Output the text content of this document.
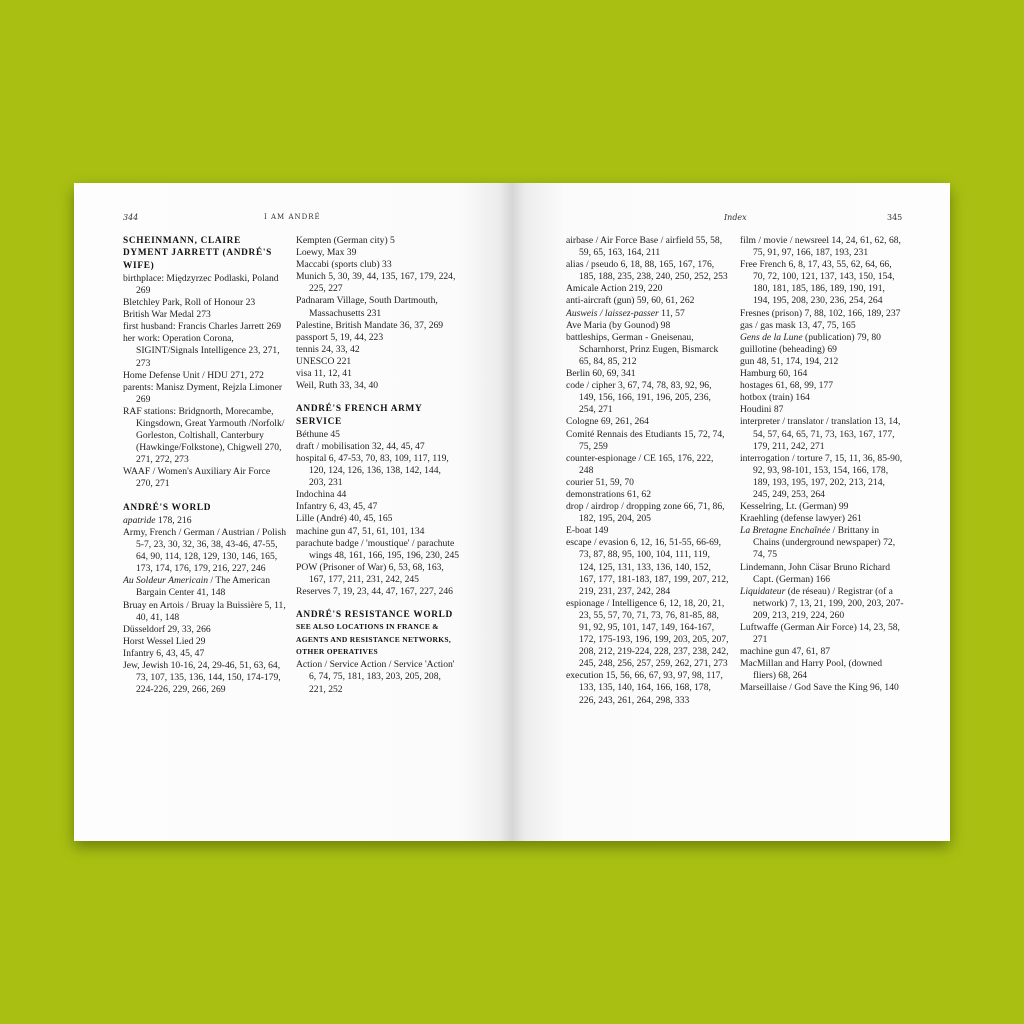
344	I AM ANDRÉ
SCHEINMANN, CLAIRE DYMENT JARRETT (ANDRÉ'S WIFE)
birthplace: Międzyrzec Podlaski, Poland 269
Bletchley Park, Roll of Honour 23
British War Medal 273
first husband: Francis Charles Jarrett 269
her work: Operation Corona, SIGINT/Signals Intelligence 23, 271, 273
Home Defense Unit / HDU 271, 272
parents: Manisz Dyment, Rejzla Limoner 269
RAF stations: Bridgnorth, Morecambe, Kingsdown, Great Yarmouth /Norfolk/ Gorleston, Coltishall, Canterbury (Hawkinge/Folkstone), Chigwell 270, 271, 272, 273
WAAF / Women's Auxiliary Air Force 270, 271
ANDRÉ'S WORLD
apatride 178, 216
Army, French / German / Austrian / Polish 5-7, 23, 30, 32, 36, 38, 43-46, 47-55, 64, 90, 114, 128, 129, 130, 146, 165, 173, 174, 176, 179, 216, 227, 246
Au Soldeur Americain / The American Bargain Center 41, 148
Bruay en Artois / Bruay la Buissière 5, 11, 40, 41, 148
Düsseldorf 29, 33, 266
Horst Wessel Lied 29
Infantry 6, 43, 45, 47
Jew, Jewish 10-16, 24, 29-46, 51, 63, 64, 73, 107, 135, 136, 144, 150, 174-179, 224-226, 229, 266, 269
Kempten (German city) 5
Loewy, Max 39
Maccabi (sports club) 33
Munich 5, 30, 39, 44, 135, 167, 179, 224, 225, 227
Padnaram Village, South Dartmouth, Massachusetts 231
Palestine, British Mandate 36, 37, 269
passport 5, 19, 44, 223
tennis 24, 33, 42
UNESCO 221
visa 11, 12, 41
Weil, Ruth 33, 34, 40
ANDRÉ'S FRENCH ARMY SERVICE
Béthune 45
draft / mobilisation 32, 44, 45, 47
hospital 6, 47-53, 70, 83, 109, 117, 119, 120, 124, 126, 136, 138, 142, 144, 203, 231
Indochina 44
Infantry 6, 43, 45, 47
Lille (André) 40, 45, 165
machine gun 47, 51, 61, 101, 134
parachute badge / 'moustique' / parachute wings 48, 161, 166, 195, 196, 230, 245
POW (Prisoner of War) 6, 53, 68, 163, 167, 177, 211, 231, 242, 245
Reserves 7, 19, 23, 44, 47, 167, 227, 246
ANDRÉ'S RESISTANCE WORLD SEE ALSO LOCATIONS IN FRANCE & AGENTS AND RESISTANCE NETWORKS, OTHER OPERATIVES
Action / Service Action / Service 'Action' 6, 74, 75, 181, 183, 203, 205, 208, 221, 252
Index	345
airbase / Air Force Base / airfield 55, 58, 59, 65, 163, 164, 211
alias / pseudo 6, 18, 88, 165, 167, 176, 185, 188, 235, 238, 240, 250, 252, 253
Amicale Action 219, 220
anti-aircraft (gun) 59, 60, 61, 262
Ausweis / laissez-passer 11, 57
Ave Maria (by Gounod) 98
battleships, German - Gneisenau, Scharnhorst, Prinz Eugen, Bismarck 65, 84, 85, 212
Berlin 60, 69, 341
code / cipher 3, 67, 74, 78, 83, 92, 96, 149, 156, 166, 191, 196, 205, 236, 254, 271
Cologne 69, 261, 264
Comité Rennais des Etudiants 15, 72, 74, 75, 259
counter-espionage / CE 165, 176, 222, 248
courier 51, 59, 70
demonstrations 61, 62
drop / airdrop / dropping zone 66, 71, 86, 182, 195, 204, 205
E-boat 149
escape / evasion 6, 12, 16, 51-55, 66-69, 73, 87, 88, 95, 100, 104, 111, 119, 124, 125, 131, 133, 136, 140, 152, 167, 177, 181-183, 187, 199, 207, 212, 219, 231, 237, 242, 284
espionage / Intelligence 6, 12, 18, 20, 21, 23, 55, 57, 70, 71, 73, 76, 81-85, 88, 91, 92, 95, 101, 147, 149, 164-167, 172, 175-193, 196, 199, 203, 205, 207, 208, 212, 219-224, 228, 237, 238, 242, 245, 248, 256, 257, 259, 262, 271, 273
execution 15, 56, 66, 67, 93, 97, 98, 117, 133, 135, 140, 164, 166, 168, 178, 226, 243, 261, 264, 298, 333
film / movie / newsreel 14, 24, 61, 62, 68, 75, 91, 97, 166, 187, 193, 231
Free French 6, 8, 17, 43, 55, 62, 64, 66, 70, 72, 100, 121, 137, 143, 150, 154, 180, 181, 185, 186, 189, 190, 191, 194, 195, 208, 230, 236, 254, 264
Fresnes (prison) 7, 88, 102, 166, 189, 237
gas / gas mask 13, 47, 75, 165
Gens de la Lune (publication) 79, 80
guillotine (beheading) 69
gun 48, 51, 174, 194, 212
Hamburg 60, 164
hostages 61, 68, 99, 177
hotbox (train) 164
Houdini 87
interpreter / translator / translation 13, 14, 54, 57, 64, 65, 71, 73, 163, 167, 177, 179, 211, 242, 271
interrogation / torture 7, 15, 11, 36, 85-90, 92, 93, 98-101, 153, 154, 166, 178, 189, 193, 195, 197, 202, 213, 214, 245, 249, 253, 264
Kesselring, Lt. (German) 99
Kraehling (defense lawyer) 261
La Bretagne Enchaînée / Brittany in Chains (underground newspaper) 72, 74, 75
Lindemann, John Cäsar Bruno Richard Capt. (German) 166
Liquidateur (de réseau) / Registrar (of a network) 7, 13, 21, 199, 200, 203, 207-209, 213, 219, 224, 260
Luftwaffe (German Air Force) 14, 23, 58, 271
machine gun 47, 61, 87
MacMillan and Harry Pool, (downed fliers) 68, 264
Marseillaise / God Save the King 96, 140
